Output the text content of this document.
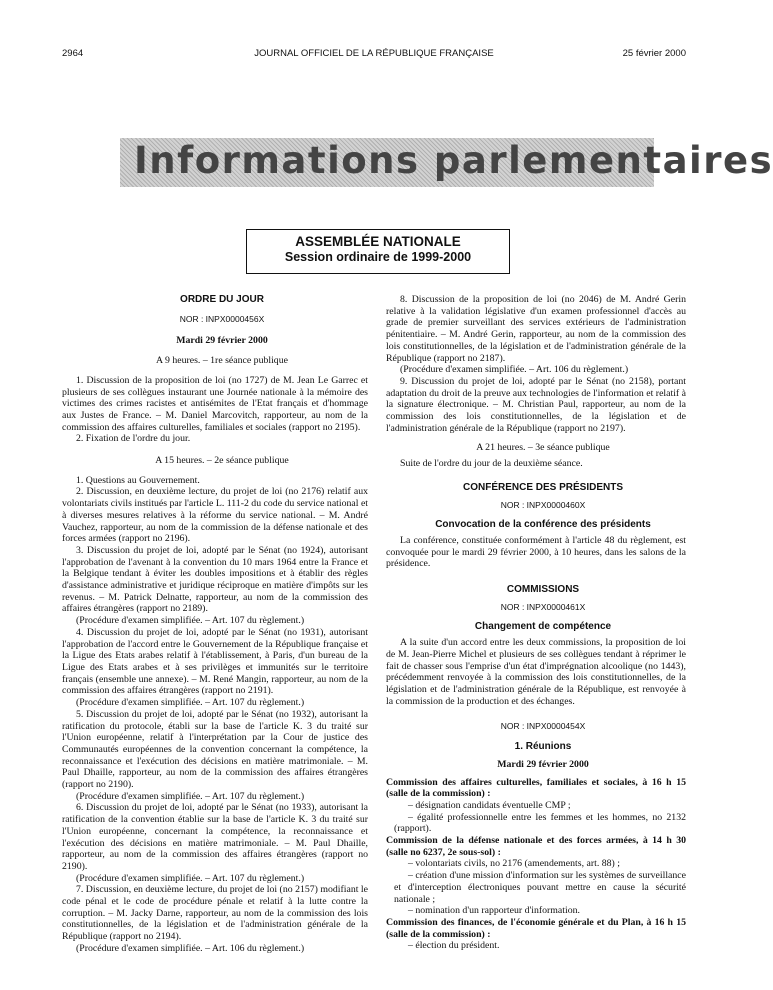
2964	JOURNAL OFFICIEL DE LA RÉPUBLIQUE FRANÇAISE	25 février 2000
Informations parlementaires
ASSEMBLÉE NATIONALE
Session ordinaire de 1999-2000

ORDRE DU JOUR

NOR : INPX0000456X

Mardi 29 février 2000

A 9 heures. – 1re séance publique

1. Discussion de la proposition de loi (no 1727) de M. Jean Le Garrec et plusieurs de ses collègues instaurant une Journée nationale à la mémoire des victimes des crimes racistes et antisémites de l'Etat français et d'hommage aux Justes de France. – M. Daniel Marcovitch, rapporteur, au nom de la commission des affaires culturelles, familiales et sociales (rapport no 2195).

2. Fixation de l'ordre du jour.

A 15 heures. – 2e séance publique

1. Questions au Gouvernement.

2. Discussion, en deuxième lecture, du projet de loi (no 2176) relatif aux volontariats civils institués par l'article L. 111-2 du code du service national et à diverses mesures relatives à la réforme du service national. – M. André Vauchez, rapporteur, au nom de la commission de la défense nationale et des forces armées (rapport no 2196).

3. Discussion du projet de loi, adopté par le Sénat (no 1924), autorisant l'approbation de l'avenant à la convention du 10 mars 1964 entre la France et la Belgique tendant à éviter les doubles impositions et à établir des règles d'assistance administrative et juridique réciproque en matière d'impôts sur les revenus. – M. Patrick Delnatte, rapporteur, au nom de la commission des affaires étrangères (rapport no 2189).

(Procédure d'examen simplifiée. – Art. 107 du règlement.)

4. Discussion du projet de loi, adopté par le Sénat (no 1931), autorisant l'approbation de l'accord entre le Gouvernement de la République française et la Ligue des Etats arabes relatif à l'établissement, à Paris, d'un bureau de la Ligue des Etats arabes et à ses privilèges et immunités sur le territoire français (ensemble une annexe). – M. René Mangin, rapporteur, au nom de la commission des affaires étrangères (rapport no 2191).

(Procédure d'examen simplifiée. – Art. 107 du règlement.)

5. Discussion du projet de loi, adopté par le Sénat (no 1932), autorisant la ratification du protocole, établi sur la base de l'article K. 3 du traité sur l'Union européenne, relatif à l'interprétation par la Cour de justice des Communautés européennes de la convention concernant la compétence, la reconnaissance et l'exécution des décisions en matière matrimoniale. – M. Paul Dhaille, rapporteur, au nom de la commission des affaires étrangères (rapport no 2190).

(Procédure d'examen simplifiée. – Art. 107 du règlement.)

6. Discussion du projet de loi, adopté par le Sénat (no 1933), autorisant la ratification de la convention établie sur la base de l'article K. 3 du traité sur l'Union européenne, concernant la compétence, la reconnaissance et l'exécution des décisions en matière matrimoniale. – M. Paul Dhaille, rapporteur, au nom de la commission des affaires étrangères (rapport no 2190).

(Procédure d'examen simplifiée. – Art. 107 du règlement.)

7. Discussion, en deuxième lecture, du projet de loi (no 2157) modifiant le code pénal et le code de procédure pénale et relatif à la lutte contre la corruption. – M. Jacky Darne, rapporteur, au nom de la commission des lois constitutionnelles, de la législation et de l'administration générale de la République (rapport no 2194).

(Procédure d'examen simplifiée. – Art. 106 du règlement.)

8. Discussion de la proposition de loi (no 2046) de M. André Gerin relative à la validation législative d'un examen professionnel d'accès au grade de premier surveillant des services extérieurs de l'administration pénitentiaire. – M. André Gerin, rapporteur, au nom de la commission des lois constitutionnelles, de la législation et de l'administration générale de la République (rapport no 2187).

(Procédure d'examen simplifiée. – Art. 106 du règlement.)

9. Discussion du projet de loi, adopté par le Sénat (no 2158), portant adaptation du droit de la preuve aux technologies de l'information et relatif à la signature électronique. – M. Christian Paul, rapporteur, au nom de la commission des lois constitutionnelles, de la législation et de l'administration générale de la République (rapport no 2197).

A 21 heures. – 3e séance publique

Suite de l'ordre du jour de la deuxième séance.

CONFÉRENCE DES PRÉSIDENTS

NOR : INPX0000460X

Convocation de la conférence des présidents

La conférence, constituée conformément à l'article 48 du règlement, est convoquée pour le mardi 29 février 2000, à 10 heures, dans les salons de la présidence.

COMMISSIONS

NOR : INPX0000461X

Changement de compétence

A la suite d'un accord entre les deux commissions, la proposition de loi de M. Jean-Pierre Michel et plusieurs de ses collègues tendant à réprimer le fait de chasser sous l'emprise d'un état d'imprégnation alcoolique (no 1443), précédemment renvoyée à la commission des lois constitutionnelles, de la législation et de l'administration générale de la République, est renvoyée à la commission de la production et des échanges.

NOR : INPX0000454X

1. Réunions

Mardi 29 février 2000

Commission des affaires culturelles, familiales et sociales, à 16 h 15 (salle de la commission) :

– désignation candidats éventuelle CMP ;

– égalité professionnelle entre les femmes et les hommes, no 2132 (rapport).

Commission de la défense nationale et des forces armées, à 14 h 30 (salle no 6237, 2e sous-sol) :

– volontariats civils, no 2176 (amendements, art. 88) ;

– création d'une mission d'information sur les systèmes de surveillance et d'interception électroniques pouvant mettre en cause la sécurité nationale ;

– nomination d'un rapporteur d'information.

Commission des finances, de l'économie générale et du Plan, à 16 h 15 (salle de la commission) :

– élection du président.
